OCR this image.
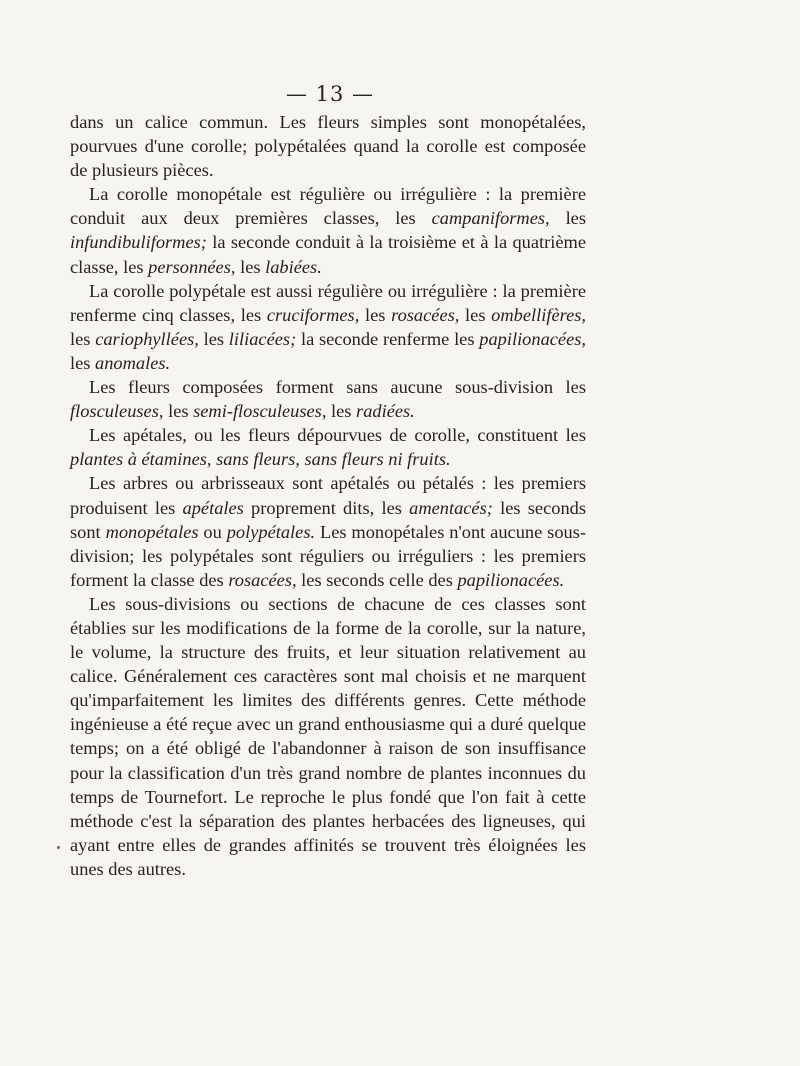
— 13 —

dans un calice commun. Les fleurs simples sont monopétalées, pourvues d'une corolle; polypétalées quand la corolle est composée de plusieurs pièces.

La corolle monopétale est régulière ou irrégulière : la première conduit aux deux premières classes, les campaniformes, les infundibuliformes; la seconde conduit à la troisième et à la quatrième classe, les personnées, les labiées.

La corolle polypétale est aussi régulière ou irrégulière : la première renferme cinq classes, les cruciformes, les rosacées, les ombellifères, les cariophyllées, les liliacées; la seconde renferme les papilionacées, les anomales.

Les fleurs composées forment sans aucune sous-division les flosculeuses, les semi-flosculeuses, les radiées.

Les apétales, ou les fleurs dépourvues de corolle, constituent les plantes à étamines, sans fleurs, sans fleurs ni fruits.

Les arbres ou arbrisseaux sont apétalés ou pétalés : les premiers produisent les apétales proprement dits, les amentacés; les seconds sont monopétales ou polypétales. Les monopétales n'ont aucune sous-division; les polypétales sont réguliers ou irréguliers : les premiers forment la classe des rosacées, les seconds celle des papilionacées.

Les sous-divisions ou sections de chacune de ces classes sont établies sur les modifications de la forme de la corolle, sur la nature, le volume, la structure des fruits, et leur situation relativement au calice. Généralement ces caractères sont mal choisis et ne marquent qu'imparfaitement les limites des différents genres. Cette méthode ingénieuse a été reçue avec un grand enthousiasme qui a duré quelque temps; on a été obligé de l'abandonner à raison de son insuffisance pour la classification d'un très grand nombre de plantes inconnues du temps de Tournefort. Le reproche le plus fondé que l'on fait à cette méthode c'est la séparation des plantes herbacées des ligneuses, qui ayant entre elles de grandes affinités se trouvent très éloignées les unes des autres.
